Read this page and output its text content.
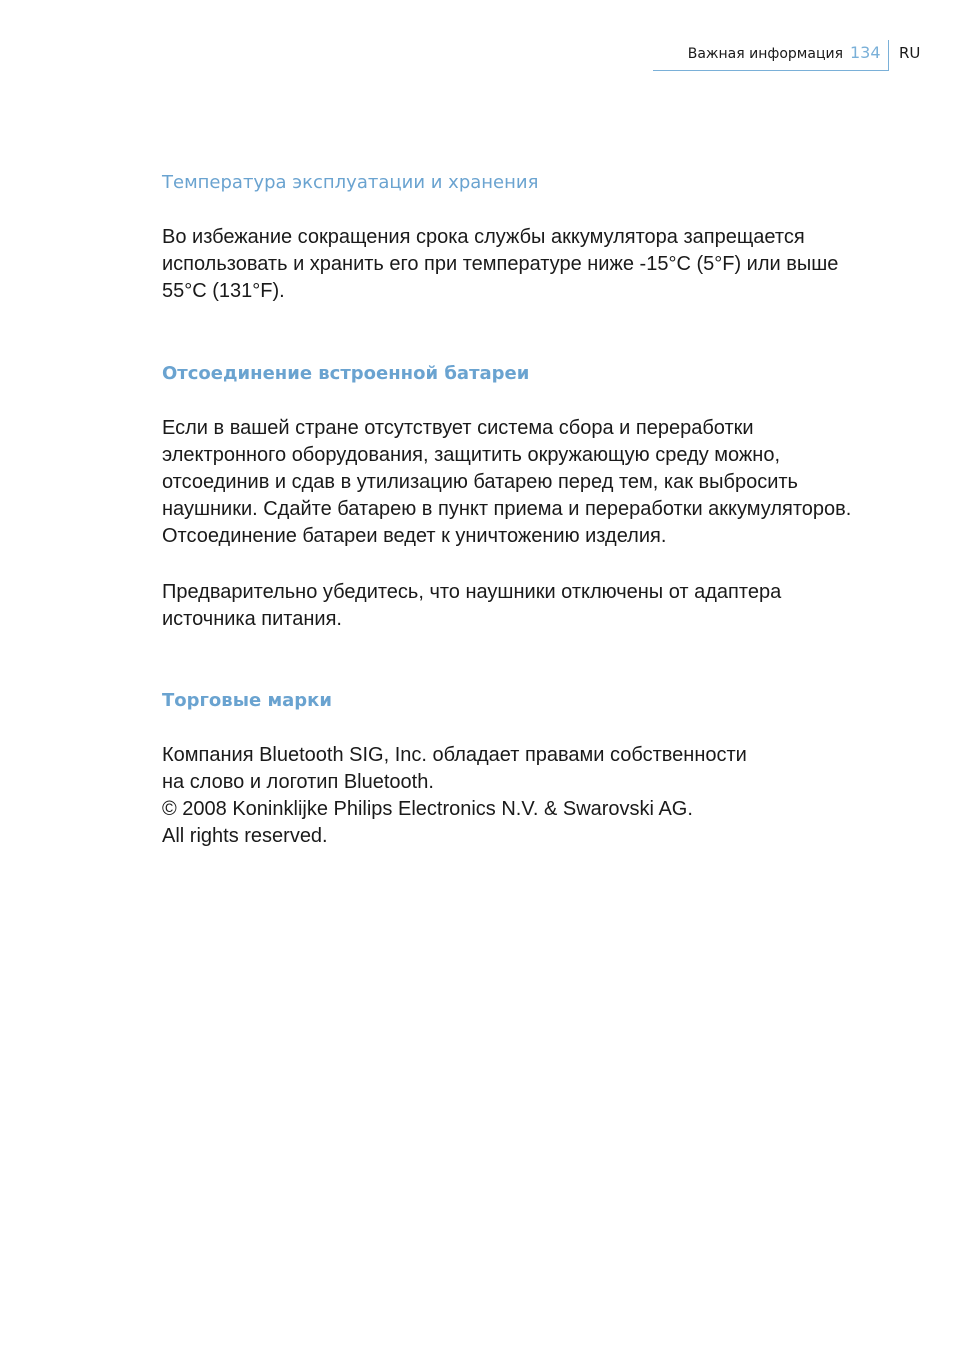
Важная информация 134 RU
Температура эксплуатации и хранения
Во избежание сокращения срока службы аккумулятора запрещается
использовать и хранить его при температуре ниже -15°C (5°F) или выше
55°C (131°F).
Отсоединение встроенной батареи
Если в вашей стране отсутствует система сбора и переработки
электронного оборудования, защитить окружающую среду можно,
отсоединив и сдав в утилизацию батарею перед тем, как выбросить
наушники. Сдайте батарею в пункт приема и переработки аккумуляторов.
Отсоединение батареи ведет к уничтожению изделия.
Предварительно убедитесь, что наушники отключены от адаптера
источника питания.
Торговые марки
Компания Bluetooth SIG, Inc. обладает правами собственности
на слово и логотип Bluetooth.
© 2008 Koninklijke Philips Electronics N.V. & Swarovski AG.
All rights reserved.
